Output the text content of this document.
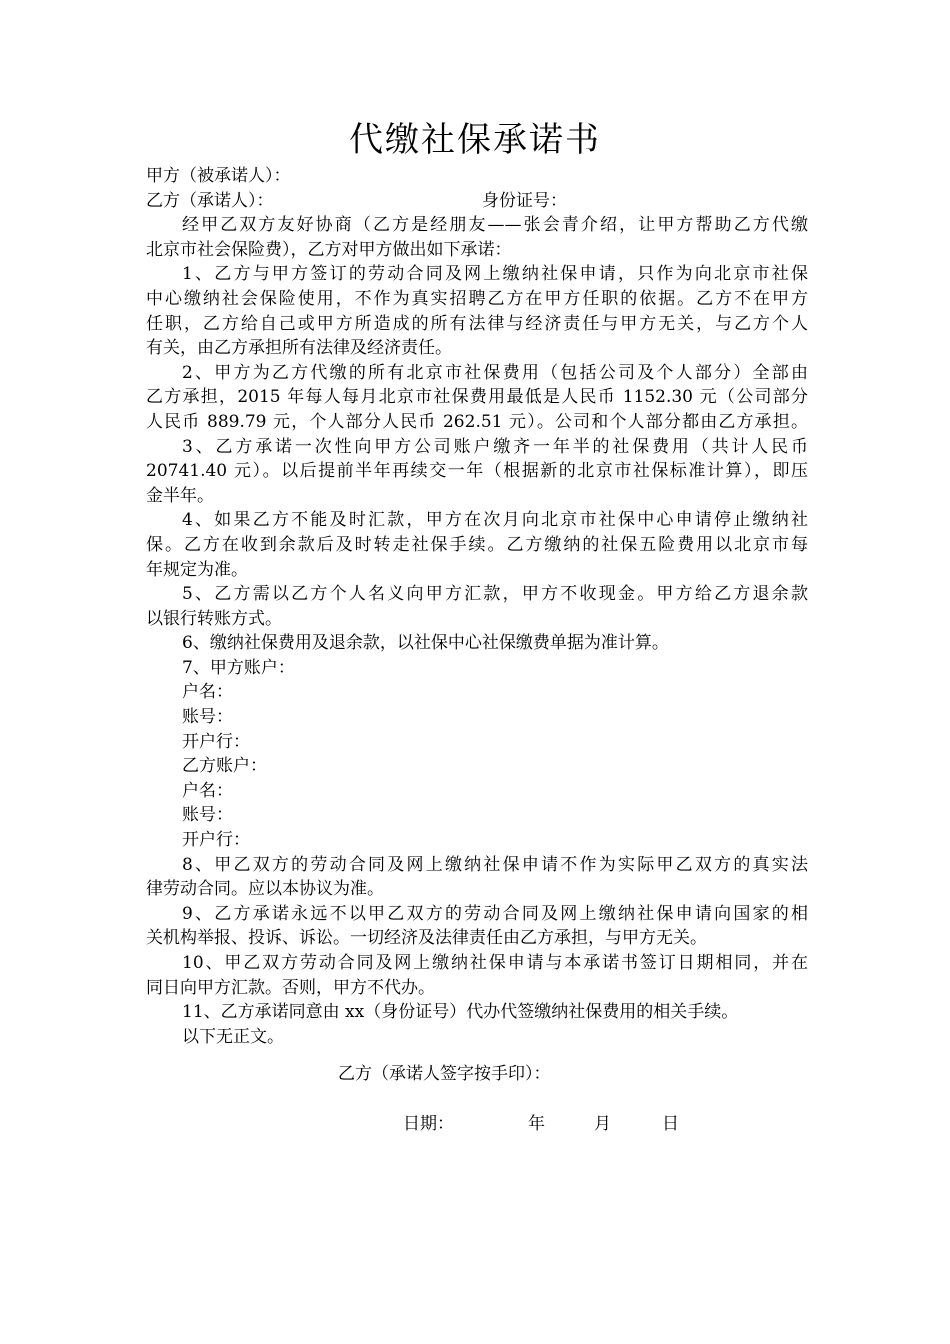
代缴社保承诺书
甲方（被承诺人）：
乙方（承诺人）：	身份证号：
经甲乙双方友好协商（乙方是经朋友——张会青介绍，让甲方帮助乙方代缴
北京市社会保险费），乙方对甲方做出如下承诺：
1、乙方与甲方签订的劳动合同及网上缴纳社保申请，只作为向北京市社保
中心缴纳社会保险使用，不作为真实招聘乙方在甲方任职的依据。乙方不在甲方
任职，乙方给自己或甲方所造成的所有法律与经济责任与甲方无关，与乙方个人
有关，由乙方承担所有法律及经济责任。
2、甲方为乙方代缴的所有北京市社保费用（包括公司及个人部分）全部由
乙方承担，2015 年每人每月北京市社保费用最低是人民币 1152.30 元（公司部分
人民币 889.79 元，个人部分人民币 262.51 元）。公司和个人部分都由乙方承担。
3、乙方承诺一次性向甲方公司账户缴齐一年半的社保费用（共计人民币
20741.40 元）。以后提前半年再续交一年（根据新的北京市社保标准计算），即压
金半年。
4、如果乙方不能及时汇款，甲方在次月向北京市社保中心申请停止缴纳社
保。乙方在收到余款后及时转走社保手续。乙方缴纳的社保五险费用以北京市每
年规定为准。
5、乙方需以乙方个人名义向甲方汇款，甲方不收现金。甲方给乙方退余款
以银行转账方式。
6、缴纳社保费用及退余款，以社保中心社保缴费单据为准计算。
7、甲方账户：
户名：
账号：
开户行：
乙方账户：
户名：
账号：
开户行：
8、甲乙双方的劳动合同及网上缴纳社保申请不作为实际甲乙双方的真实法
律劳动合同。应以本协议为准。
9、乙方承诺永远不以甲乙双方的劳动合同及网上缴纳社保申请向国家的相
关机构举报、投诉、诉讼。一切经济及法律责任由乙方承担，与甲方无关。
10、甲乙双方劳动合同及网上缴纳社保申请与本承诺书签订日期相同，并在
同日向甲方汇款。否则，甲方不代办。
11、乙方承诺同意由 xx（身份证号）代办代签缴纳社保费用的相关手续。
以下无正文。
乙方（承诺人签字按手印）：
日期：	年	月	日
